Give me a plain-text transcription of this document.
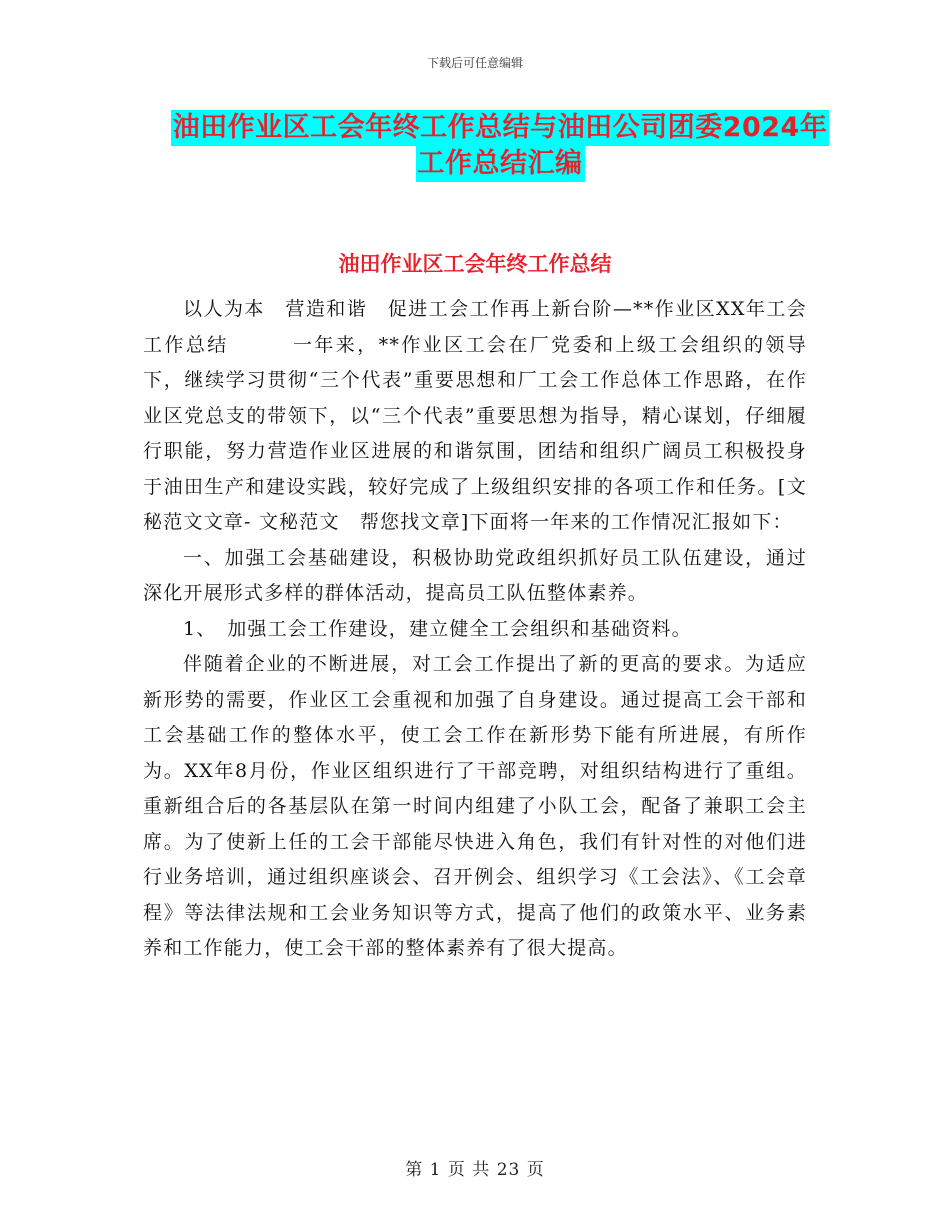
下载后可任意编辑
油田作业区工会年终工作总结与油田公司团委2024年
工作总结汇编
油田作业区工会年终工作总结

以人为本　营造和谐　促进工会工作再上新台阶—**作业区XX年工会工作总结　　　一年来，**作业区工会在厂党委和上级工会组织的领导下，继续学习贯彻“三个代表”重要思想和厂工会工作总体工作思路，在作业区党总支的带领下，以“三个代表”重要思想为指导，精心谋划，仔细履行职能，努力营造作业区进展的和谐氛围，团结和组织广阔员工积极投身于油田生产和建设实践，较好完成了上级组织安排的各项工作和任务。[文秘范文文章- 文秘范文　帮您找文章]下面将一年来的工作情况汇报如下：

一、加强工会基础建设，积极协助党政组织抓好员工队伍建设，通过深化开展形式多样的群体活动，提高员工队伍整体素养。

1、　加强工会工作建设，建立健全工会组织和基础资料。

伴随着企业的不断进展，对工会工作提出了新的更高的要求。为适应新形势的需要，作业区工会重视和加强了自身建设。通过提高工会干部和工会基础工作的整体水平，使工会工作在新形势下能有所进展，有所作为。XX年8月份，作业区组织进行了干部竞聘，对组织结构进行了重组。重新组合后的各基层队在第一时间内组建了小队工会，配备了兼职工会主席。为了使新上任的工会干部能尽快进入角色，我们有针对性的对他们进行业务培训，通过组织座谈会、召开例会、组织学习《工会法》、《工会章程》等法律法规和工会业务知识等方式，提高了他们的政策水平、业务素养和工作能力，使工会干部的整体素养有了很大提高。

第 1 页 共 23 页
